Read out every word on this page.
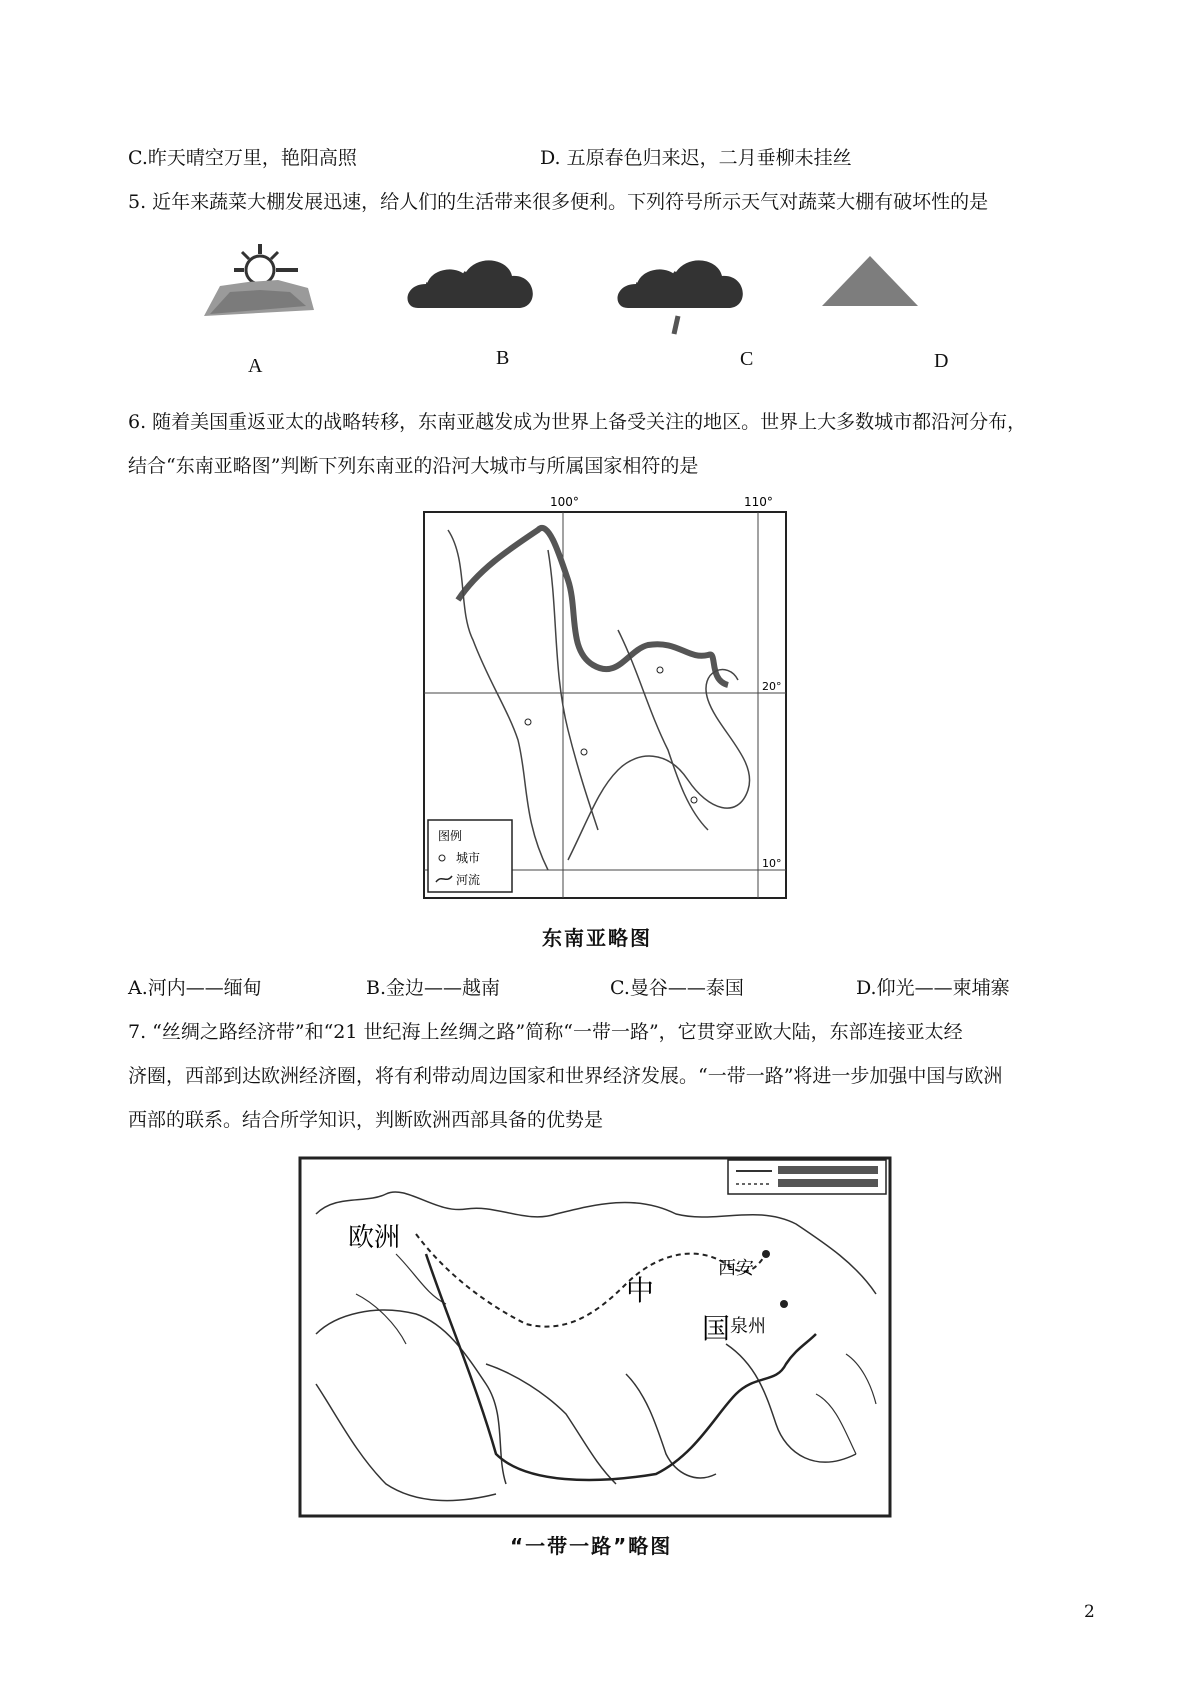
C.昨天晴空万里，艳阳高照	D. 五原春色归来迟，二月垂柳未挂丝
5. 近年来蔬菜大棚发展迅速，给人们的生活带来很多便利。下列符号所示天气对蔬菜大棚有破坏性的是
A	B	C	D
6. 随着美国重返亚太的战略转移，东南亚越发成为世界上备受关注的地区。世界上大多数城市都沿河分布，
结合“东南亚略图”判断下列东南亚的沿河大城市与所属国家相符的是
100°	110°
20°
10°
图例
城市
河流
东南亚略图
A.河内——缅甸	B.金边——越南	C.曼谷——泰国	D.仰光——柬埔寨
7. “丝绸之路经济带”和“21 世纪海上丝绸之路”简称“一带一路”，它贯穿亚欧大陆，东部连接亚太经
济圈，西部到达欧洲经济圈，将有利带动周边国家和世界经济发展。“一带一路”将进一步加强中国与欧洲
西部的联系。结合所学知识，判断欧洲西部具备的优势是
欧洲
中
国
西安
泉州
“一带一路”略图
2
